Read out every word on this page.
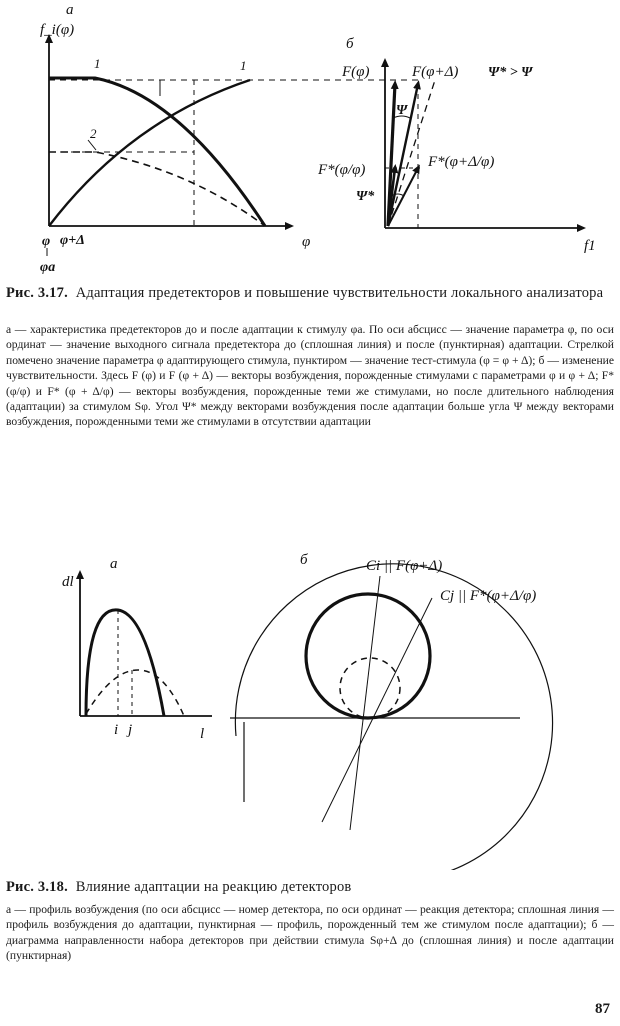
a
f_i(φ)
φ
1	1
2
φ φ+Δ
φa
б
f1
F(φ)	F(φ+Δ) Ψ* > Ψ
Ψ
F*(φ/φ)	F*(φ+Δ/φ)
Ψ*
Рис. 3.17. Адаптация предетекторов и повышение чувствительности локального анализатора
а — характеристика предетекторов до и после адаптации к стимулу φa. По оси абсцисс — значение параметра φ, по оси ординат — значение выходного сигнала предетектора до (сплошная линия) и после (пунктирная) адаптации. Стрелкой помечено значение параметра φ адаптирующего стимула, пунктиром — значение тест-стимула (φ = φ + Δ); б — изменение чувствительности. Здесь F (φ) и F (φ + Δ) — векторы возбуждения, порожденные стимулами с параметрами φ и φ + Δ; F* (φ/φ) и F* (φ + Δ/φ) — векторы возбуждения, порожденные теми же стимулами, но после длительного наблюдения (адаптации) за стимулом Sφ. Угол Ψ* между векторами возбуждения после адаптации больше угла Ψ между векторами возбуждения, порожденными теми же стимулами в отсутствии адаптации
а
dl
l
i j
б	Ci || F(φ+Δ)
Cj || F*(φ+Δ/φ)
Рис. 3.18. Влияние адаптации на реакцию детекторов
а — профиль возбуждения (по оси абсцисс — номер детектора, по оси ординат — реакция детектора; сплошная линия — профиль возбуждения до адаптации, пунктирная — профиль, порожденный тем же стимулом после адаптации); б — диаграмма направленности набора детекторов при действии стимула Sφ+Δ до (сплошная линия) и после адаптации (пунктирная)
87
